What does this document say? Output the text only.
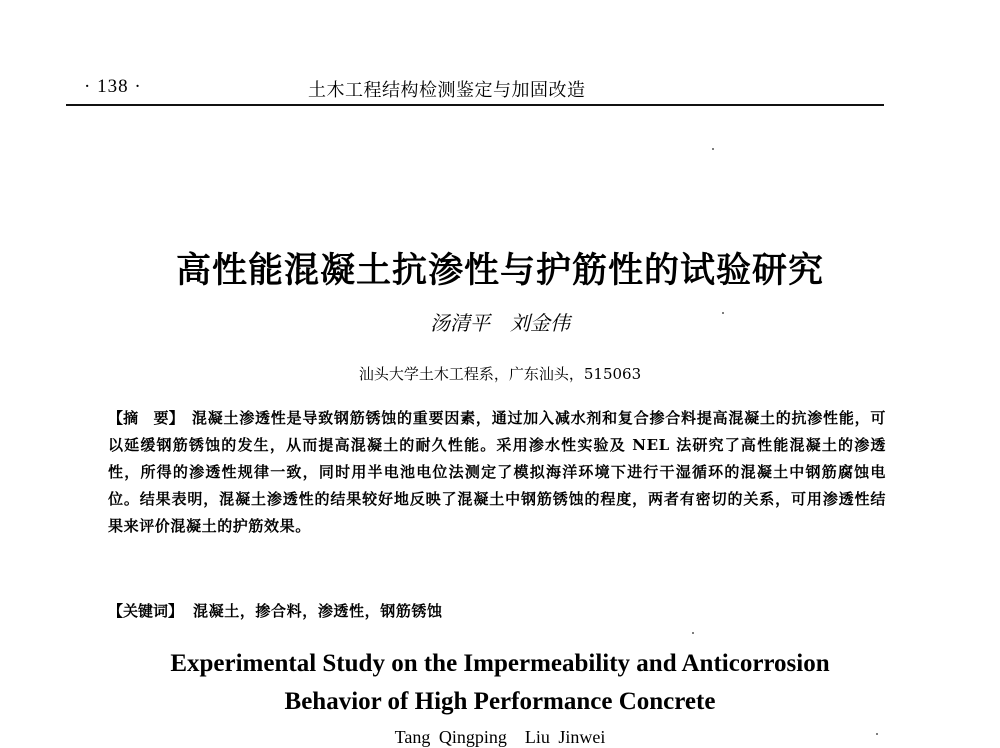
· 138 ·	土木工程结构检测鉴定与加固改造
高性能混凝土抗渗性与护筋性的试验研究
汤清平　刘金伟
汕头大学土木工程系，广东汕头，515063
【摘　要】 混凝土渗透性是导致钢筋锈蚀的重要因素，通过加入减水剂和复合掺合料提高混凝土的抗渗性能，可以延缓钢筋锈蚀的发生，从而提高混凝土的耐久性能。采用渗水性实验及 NEL 法研究了高性能混凝土的渗透性，所得的渗透性规律一致，同时用半电池电位法测定了模拟海洋环境下进行干湿循环的混凝土中钢筋腐蚀电位。结果表明，混凝土渗透性的结果较好地反映了混凝土中钢筋锈蚀的程度，两者有密切的关系，可用渗透性结果来评价混凝土的护筋效果。
【关键词】 混凝土，掺合料，渗透性，钢筋锈蚀
Experimental Study on the Impermeability and Anticorrosion
Behavior of High Performance Concrete
Tang Qingping Liu Jinwei
